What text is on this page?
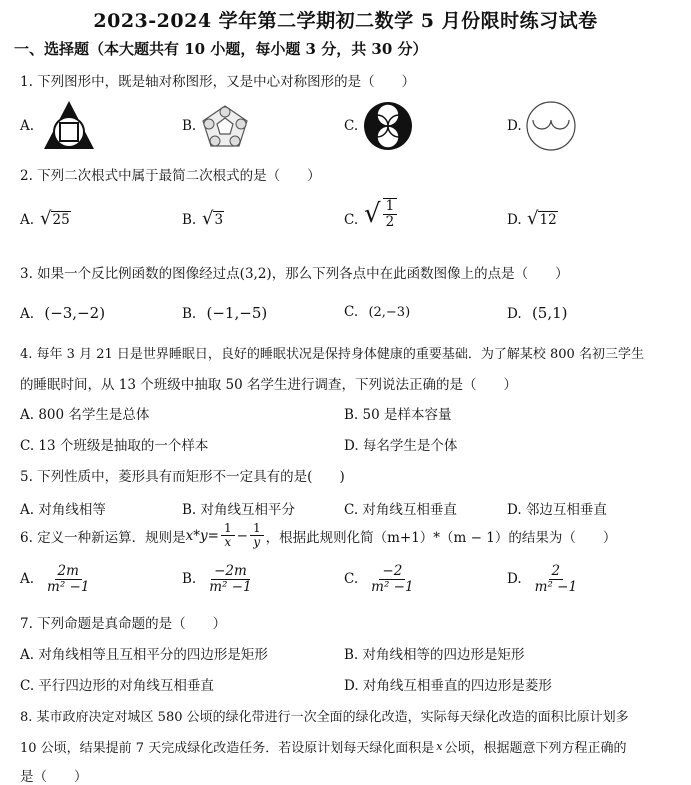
2023-2024 学年第二学期初二数学 5 月份限时练习试卷
一、选择题（本大题共有 10 小题，每小题 3 分，共 30 分）
1. 下列图形中，既是轴对称图形，又是中心对称图形的是（　　）
A.	B.	C.	D.
2. 下列二次根式中属于最简二次根式的是（　　）
A. √25	B. √3	C. √ $\frac{1}{2}$	D. √12
3. 如果一个反比例函数的图像经过点(3,2)，那么下列各点中在此函数图像上的点是（　　）
A. (−3,−2)	B. (−1,−5)	C. (2,−3)	D. (5,1)
4. 每年 3 月 21 日是世界睡眠日，良好的睡眠状况是保持身体健康的重要基础．为了解某校 800 名初三学生
的睡眠时间，从 13 个班级中抽取 50 名学生进行调查，下列说法正确的是（　　）
A. 800 名学生是总体	B. 50 是样本容量
C. 13 个班级是抽取的一个样本	D. 每名学生是个体
5. 下列性质中，菱形具有而矩形不一定具有的是(　　)
A. 对角线相等	B. 对角线互相平分	C. 对角线互相垂直	D. 邻边互相垂直
6. 定义一种新运算．规则是 $x*y= \frac{1}{x} - \frac{1}{y}$ ，根据此规则化简（m+1）*（m − 1）的结果为（　　）
A. $\frac{2m}{\text{m² −1}}$	B. $\frac{-2m}{\text{m² −1}}$	C. $\frac{-2}{\text{m² −1}}$	D. $\frac{2}{\text{m² −1}}$
7. 下列命题是真命题的是（　　）
A. 对角线相等且互相平分的四边形是矩形	B. 对角线相等的四边形是矩形
C. 平行四边形的对角线互相垂直	D. 对角线互相垂直的四边形是菱形
8. 某市政府决定对城区 580 公顷的绿化带进行一次全面的绿化改造，实际每天绿化改造的面积比原计划多
10 公顷，结果提前 7 天完成绿化改造任务．若设原计划每天绿化面积是 x 公顷，根据题意下列方程正确的
是（　　）
